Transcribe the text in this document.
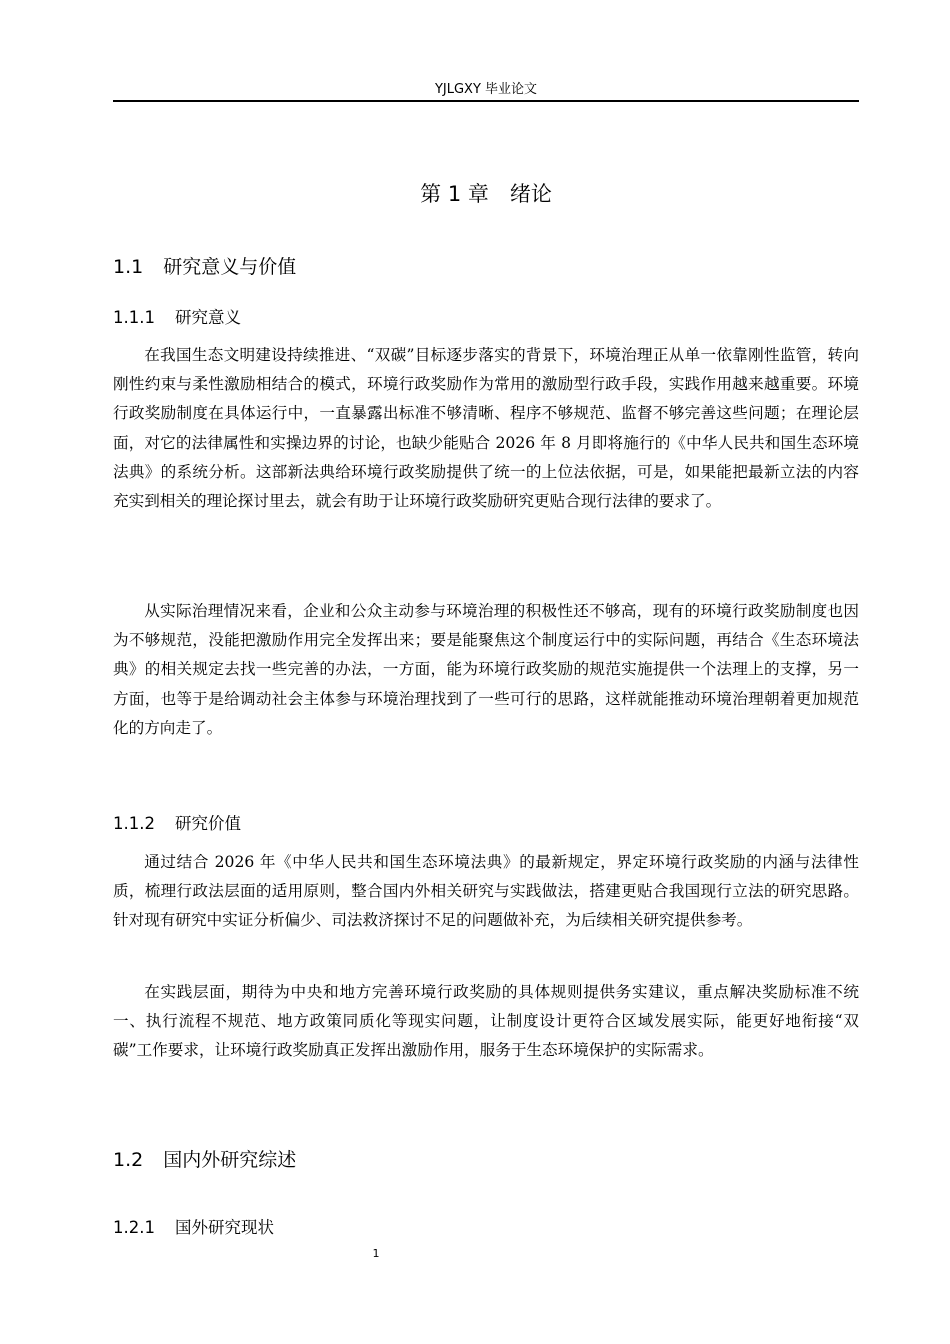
YJLGXY 毕业论文
第 1 章　绪论
1.1 研究意义与价值
1.1.1 研究意义

在我国生态文明建设持续推进、“双碳”目标逐步落实的背景下，环境治理正从单一依靠刚性监管，转向刚性约束与柔性激励相结合的模式，环境行政奖励作为常用的激励型行政手段，实践作用越来越重要。环境行政奖励制度在具体运行中，一直暴露出标准不够清晰、程序不够规范、监督不够完善这些问题；在理论层面，对它的法律属性和实操边界的讨论，也缺少能贴合 2026 年 8 月即将施行的《中华人民共和国生态环境法典》的系统分析。这部新法典给环境行政奖励提供了统一的上位法依据，可是，如果能把最新立法的内容充实到相关的理论探讨里去，就会有助于让环境行政奖励研究更贴合现行法律的要求了。

从实际治理情况来看，企业和公众主动参与环境治理的积极性还不够高，现有的环境行政奖励制度也因为不够规范，没能把激励作用完全发挥出来；要是能聚焦这个制度运行中的实际问题，再结合《生态环境法典》的相关规定去找一些完善的办法，一方面，能为环境行政奖励的规范实施提供一个法理上的支撑，另一方面，也等于是给调动社会主体参与环境治理找到了一些可行的思路，这样就能推动环境治理朝着更加规范化的方向走了。

1.1.2 研究价值

通过结合 2026 年《中华人民共和国生态环境法典》的最新规定，界定环境行政奖励的内涵与法律性质，梳理行政法层面的适用原则，整合国内外相关研究与实践做法，搭建更贴合我国现行立法的研究思路。针对现有研究中实证分析偏少、司法救济探讨不足的问题做补充，为后续相关研究提供参考。

在实践层面，期待为中央和地方完善环境行政奖励的具体规则提供务实建议，重点解决奖励标准不统一、执行流程不规范、地方政策同质化等现实问题，让制度设计更符合区域发展实际，能更好地衔接“双碳”工作要求，让环境行政奖励真正发挥出激励作用，服务于生态环境保护的实际需求。

1.2 国内外研究综述
1.2.1 国外研究现状
1
